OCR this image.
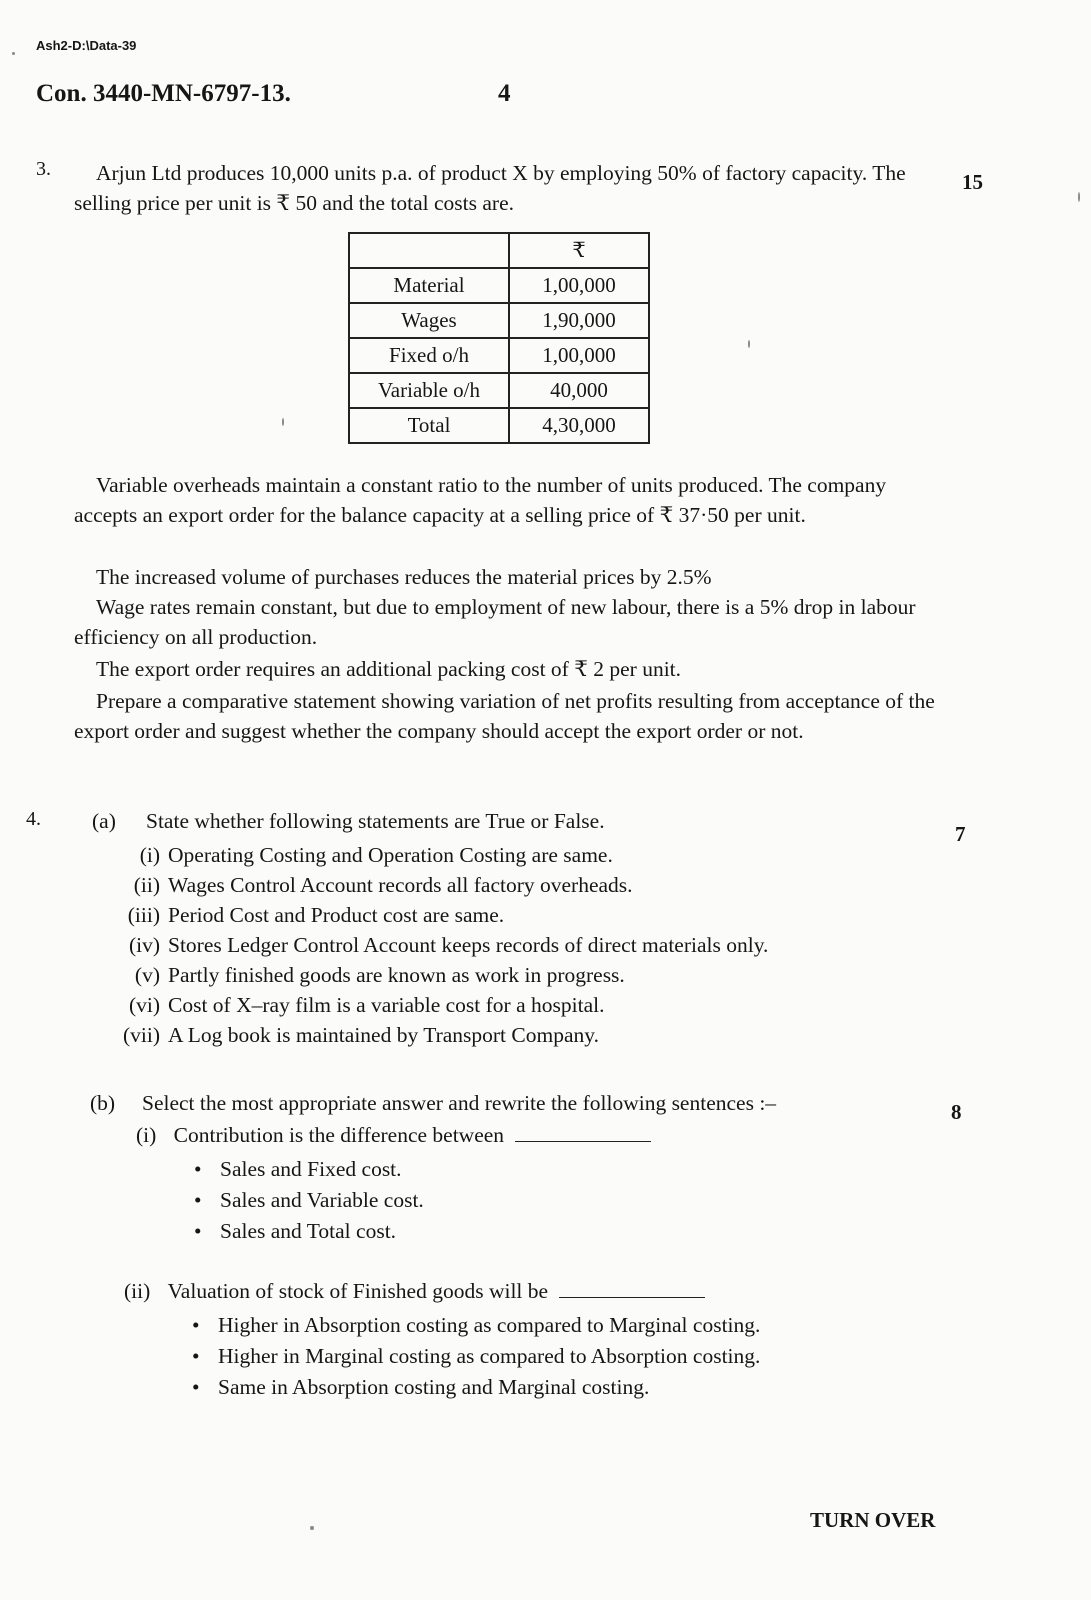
Ash2-D:\Data-39
Con. 3440-MN-6797-13.	4
3.
15
Arjun Ltd produces 10,000 units p.a. of product X by employing 50% of factory capacity. The selling price per unit is ₹ 50 and the total costs are.
	₹
Material	1,00,000
Wages	1,90,000
Fixed o/h	1,00,000
Variable o/h	40,000
Total	4,30,000
Variable overheads maintain a constant ratio to the number of units produced. The company accepts an export order for the balance capacity at a selling price of ₹ 37·50 per unit.
The increased volume of purchases reduces the material prices by 2.5%
Wage rates remain constant, but due to employment of new labour, there is a 5% drop in labour efficiency on all production.
The export order requires an additional packing cost of ₹ 2 per unit.
Prepare a comparative statement showing variation of net profits resulting from acceptance of the export order and suggest whether the company should accept the export order or not.
4. (a) State whether following statements are True or False.
7
(i) Operating Costing and Operation Costing are same.
(ii) Wages Control Account records all factory overheads.
(iii) Period Cost and Product cost are same.
(iv) Stores Ledger Control Account keeps records of direct materials only.
(v) Partly finished goods are known as work in progress.
(vi) Cost of X–ray film is a variable cost for a hospital.
(vii) A Log book is maintained by Transport Company.
(b) Select the most appropriate answer and rewrite the following sentences :–	8
(i) Contribution is the difference between
• Sales and Fixed cost.
• Sales and Variable cost.
• Sales and Total cost.
(ii) Valuation of stock of Finished goods will be
• Higher in Absorption costing as compared to Marginal costing.
• Higher in Marginal costing as compared to Absorption costing.
• Same in Absorption costing and Marginal costing.
TURN OVER
